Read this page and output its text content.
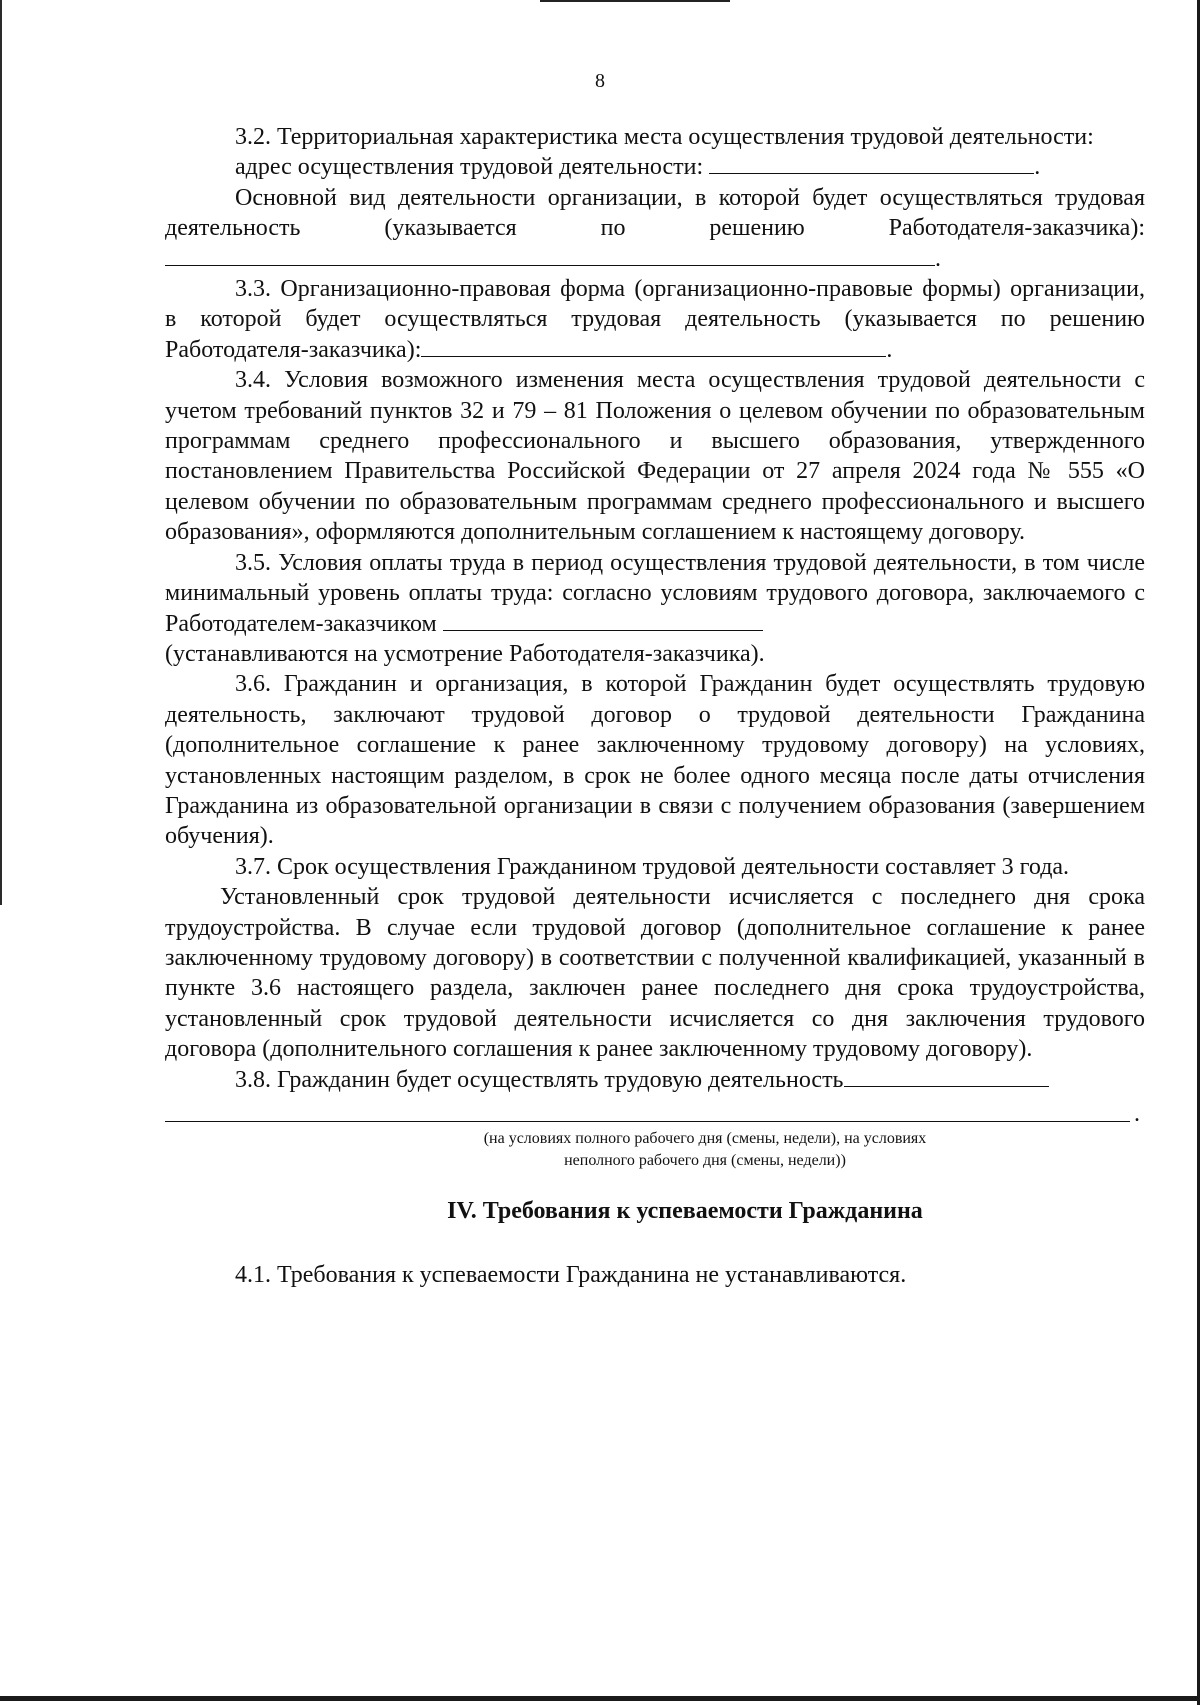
8

3.2. Территориальная характеристика места осуществления трудовой деятельности:

адрес осуществления трудовой деятельности:	.

Основной вид деятельности организации, в которой будет осуществляться трудовая деятельность (указывается по решению Работодателя-заказчика):.

3.3. Организационно-правовая форма (организационно-правовые формы) организации, в которой будет осуществляться трудовая деятельность (указывается по решению Работодателя-заказчика):	.

3.4. Условия возможного изменения места осуществления трудовой деятельности с учетом требований пунктов 32 и 79 – 81 Положения о целевом обучении по образовательным программам среднего профессионального и высшего образования, утвержденного постановлением Правительства Российской Федерации от 27 апреля 2024 года № 555 «О целевом обучении по образовательным программам среднего профессионального и высшего образования», оформляются дополнительным соглашением к настоящему договору.

3.5. Условия оплаты труда в период осуществления трудовой деятельности, в том числе минимальный уровень оплаты труда: согласно условиям трудового договора, заключаемого с Работодателем-заказчиком

(устанавливаются на усмотрение Работодателя-заказчика).

3.6. Гражданин и организация, в которой Гражданин будет осуществлять трудовую деятельность, заключают трудовой договор о трудовой деятельности Гражданина (дополнительное соглашение к ранее заключенному трудовому договору) на условиях, установленных настоящим разделом, в срок не более одного месяца после даты отчисления Гражданина из образовательной организации в связи с получением образования (завершением обучения).

3.7. Срок осуществления Гражданином трудовой деятельности составляет 3 года.

Установленный срок трудовой деятельности исчисляется с последнего дня срока трудоустройства. В случае если трудовой договор (дополнительное соглашение к ранее заключенному трудовому договору) в соответствии с полученной квалификацией, указанный в пункте 3.6 настоящего раздела, заключен ранее последнего дня срока трудоустройства, установленный срок трудовой деятельности исчисляется со дня заключения трудового договора (дополнительного соглашения к ранее заключенному трудовому договору).

3.8. Гражданин будет осуществлять трудовую деятельность

.
(на условиях полного рабочего дня (смены, недели), на условиях
неполного рабочего дня (смены, недели))
IV. Требования к успеваемости Гражданина

4.1. Требования к успеваемости Гражданина не устанавливаются.
